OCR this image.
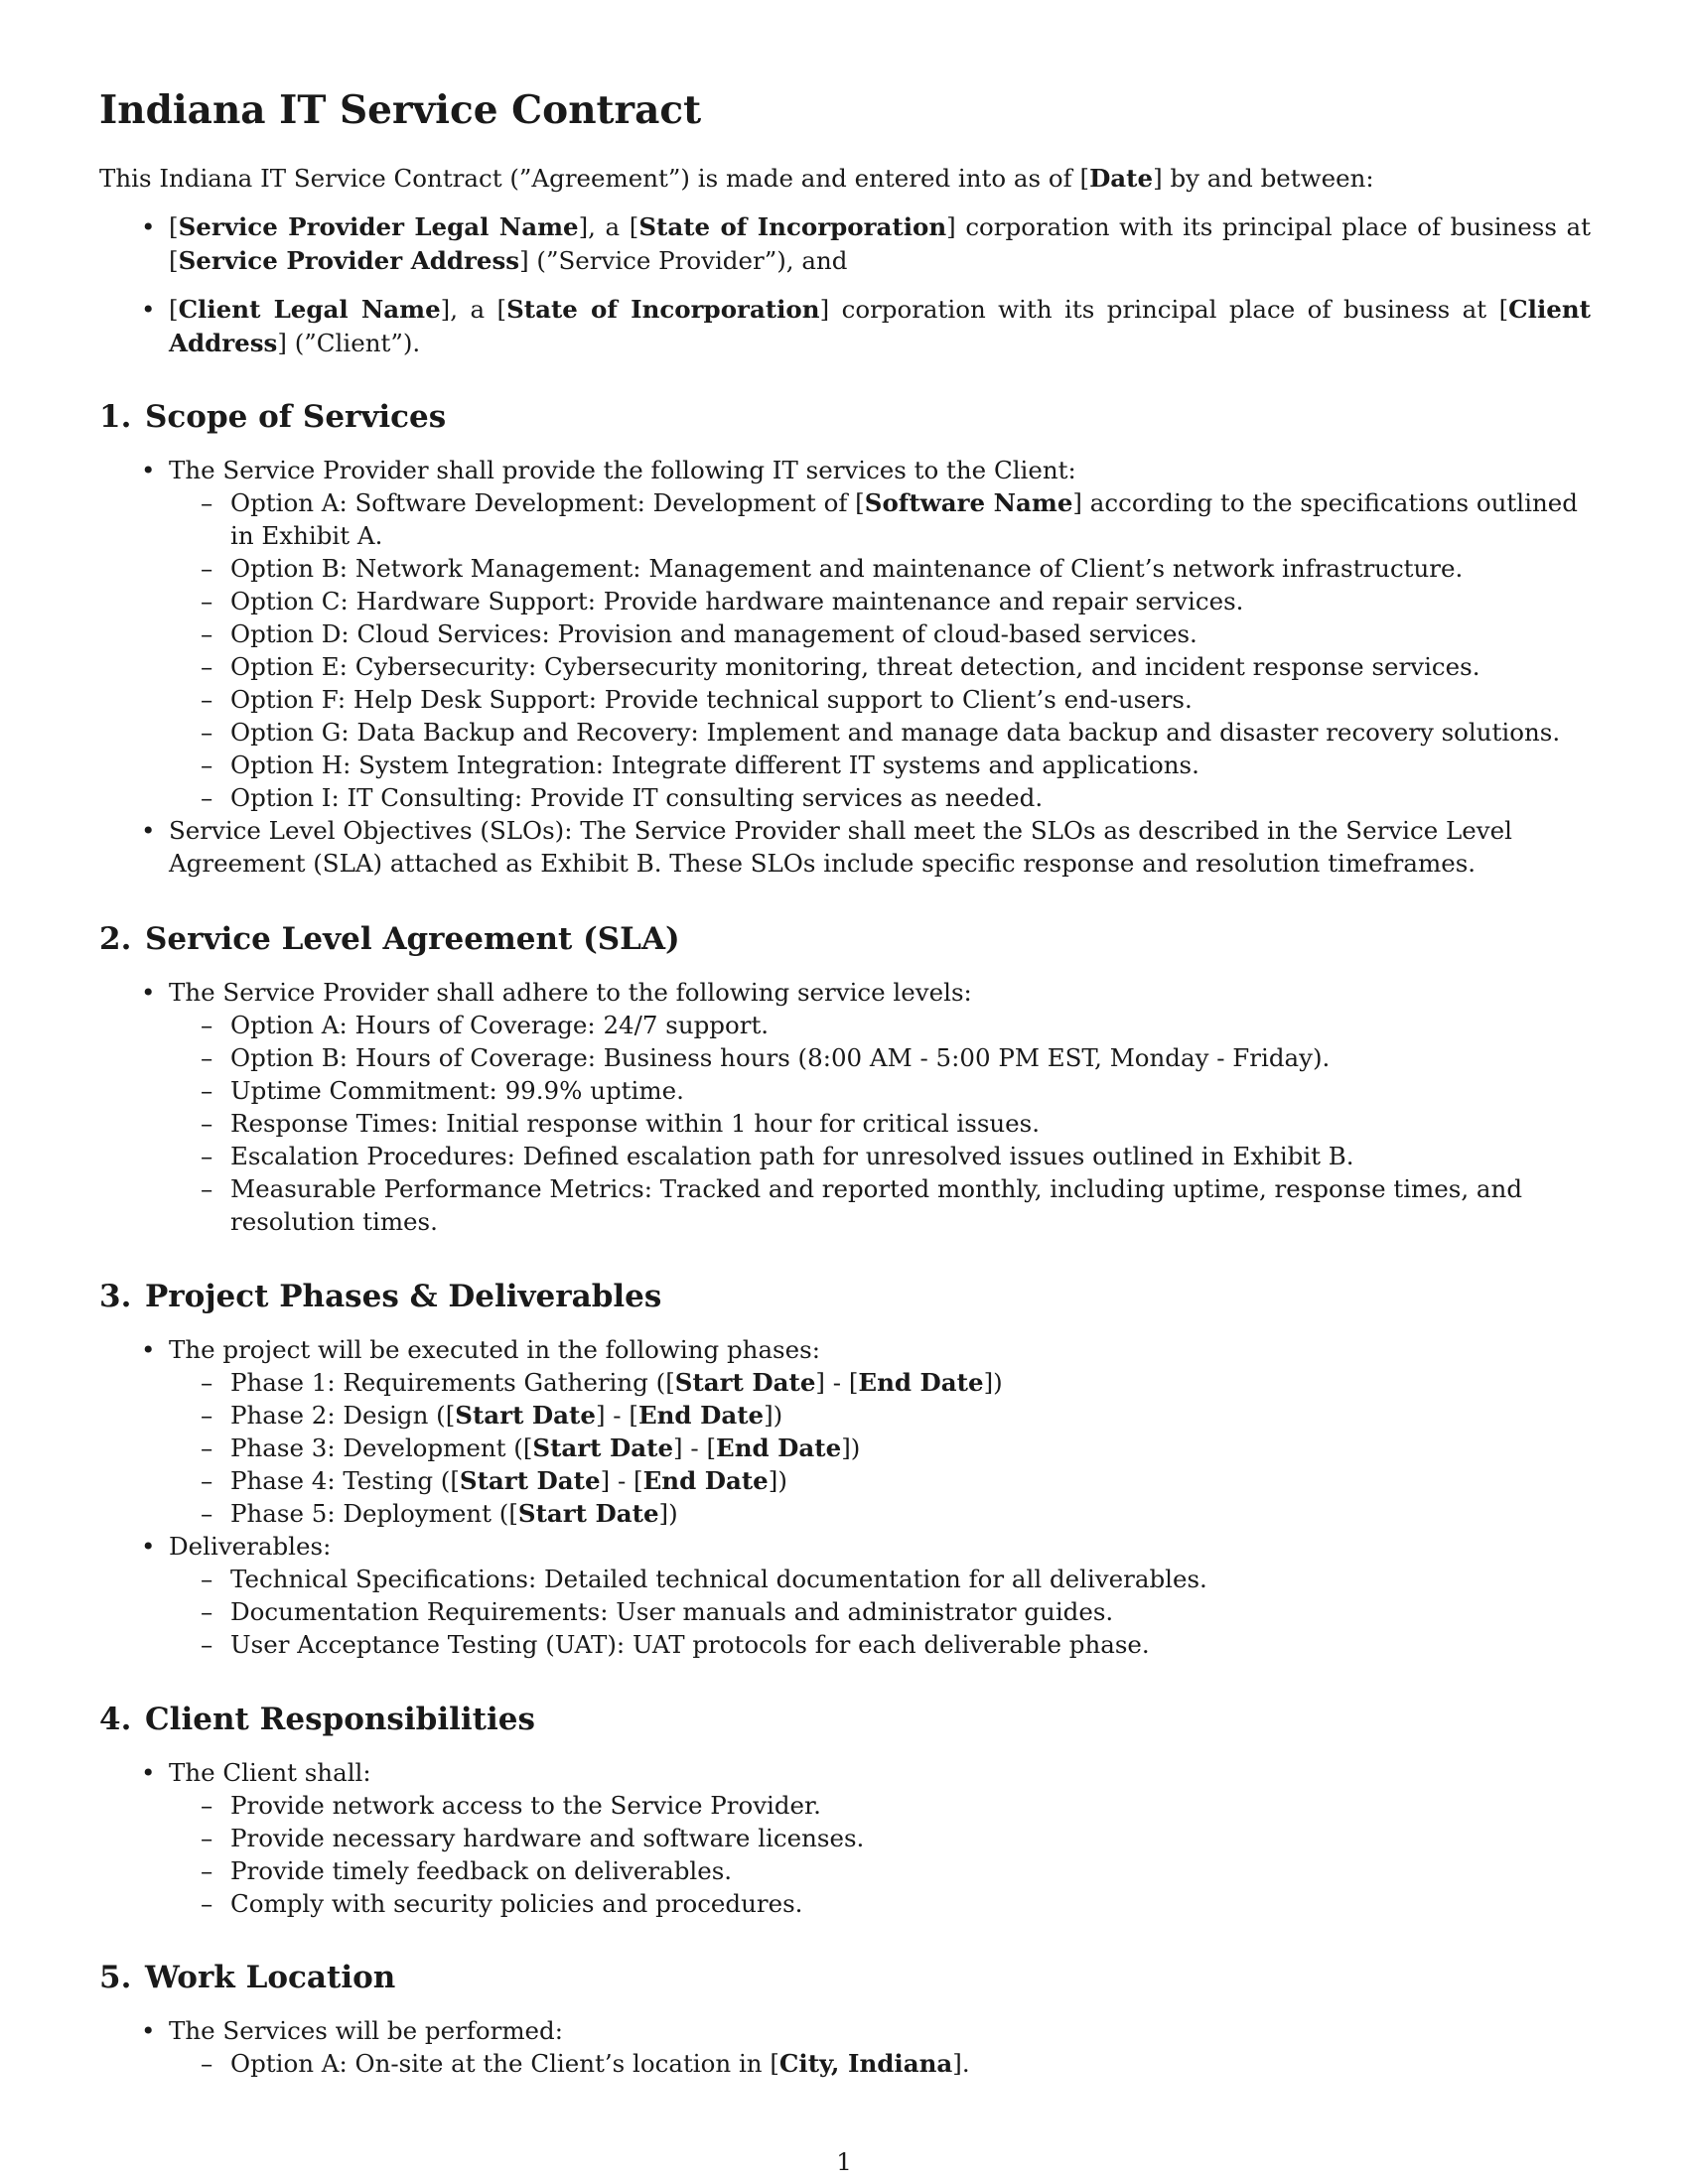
Indiana IT Service Contract

This Indiana IT Service Contract (”Agreement”) is made and entered into as of [Date] by and between:

• [Service Provider Legal Name], a [State of Incorporation] corporation with its principal place of business at [Service Provider Address] (”Service Provider”), and

• [Client Legal Name], a [State of Incorporation] corporation with its principal place of business at [Client Address] (”Client”).

1. Scope of Services

• The Service Provider shall provide the following IT services to the Client:

– Option A: Software Development: Development of [Software Name] according to the specifications outlined in Exhibit A.

– Option B: Network Management: Management and maintenance of Client’s network infrastructure.

– Option C: Hardware Support: Provide hardware maintenance and repair services.

– Option D: Cloud Services: Provision and management of cloud-based services.

– Option E: Cybersecurity: Cybersecurity monitoring, threat detection, and incident response services.

– Option F: Help Desk Support: Provide technical support to Client’s end-users.

– Option G: Data Backup and Recovery: Implement and manage data backup and disaster recovery solutions.

– Option H: System Integration: Integrate different IT systems and applications.

– Option I: IT Consulting: Provide IT consulting services as needed.

• Service Level Objectives (SLOs): The Service Provider shall meet the SLOs as described in the Service Level Agreement (SLA) attached as Exhibit B. These SLOs include specific response and resolution timeframes.

2. Service Level Agreement (SLA)

• The Service Provider shall adhere to the following service levels:

– Option A: Hours of Coverage: 24/7 support.

– Option B: Hours of Coverage: Business hours (8:00 AM - 5:00 PM EST, Monday - Friday).

– Uptime Commitment: 99.9% uptime.

– Response Times: Initial response within 1 hour for critical issues.

– Escalation Procedures: Defined escalation path for unresolved issues outlined in Exhibit B.

– Measurable Performance Metrics: Tracked and reported monthly, including uptime, response times, and resolution times.

3. Project Phases & Deliverables

• The project will be executed in the following phases:

– Phase 1: Requirements Gathering ([Start Date] - [End Date])

– Phase 2: Design ([Start Date] - [End Date])

– Phase 3: Development ([Start Date] - [End Date])

– Phase 4: Testing ([Start Date] - [End Date])

– Phase 5: Deployment ([Start Date])

• Deliverables:

– Technical Specifications: Detailed technical documentation for all deliverables.

– Documentation Requirements: User manuals and administrator guides.

– User Acceptance Testing (UAT): UAT protocols for each deliverable phase.

4. Client Responsibilities

• The Client shall:

– Provide network access to the Service Provider.

– Provide necessary hardware and software licenses.

– Provide timely feedback on deliverables.

– Comply with security policies and procedures.

5. Work Location

• The Services will be performed:

– Option A: On-site at the Client’s location in [City, Indiana].

1
